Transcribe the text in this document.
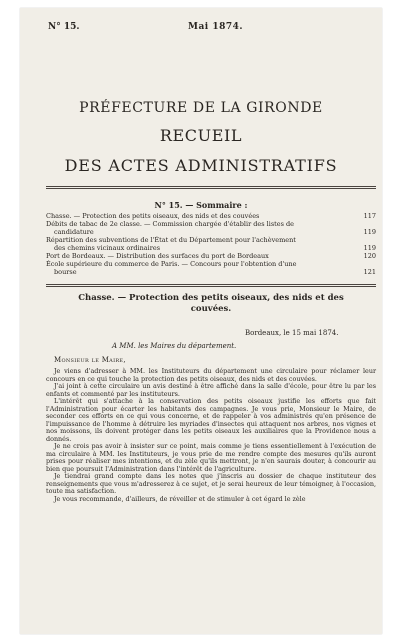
N° 15.	Mai 1874.
PRÉFECTURE DE LA GIRONDE
RECUEIL
DES ACTES ADMINISTRATIFS
N° 15. — Sommaire :
Chasse. — Protection des petits oiseaux, des nids et des couvées	117
Débits de tabac de 2e classe. — Commission chargée d'établir des listes de
candidature	119
Répartition des subventions de l'État et du Département pour l'achèvement
des chemins vicinaux ordinaires	119
Port de Bordeaux. — Distribution des surfaces du port de Bordeaux	120
École supérieure du commerce de Paris. — Concours pour l'obtention d'une
bourse	121
Chasse. — Protection des petits oiseaux, des nids et des
couvées.
Bordeaux, le 15 mai 1874.
A MM. les Maires du département.
Monsieur le Maire,

Je viens d'adresser à MM. les Instituteurs du département une circulaire pour réclamer leur concours en ce qui touche la protection des petits oiseaux, des nids et des couvées.

J'ai joint à cette circulaire un avis destiné à être affiché dans la salle d'école, pour être lu par les enfants et commenté par les instituteurs.

L'intérêt qui s'attache à la conservation des petits oiseaux justifie les efforts que fait l'Administration pour écarter les habitants des campagnes. Je vous prie, Monsieur le Maire, de seconder ces efforts en ce qui vous concerne, et de rappeler à vos administrés qu'en présence de l'impuissance de l'homme à détruire les myriades d'insectes qui attaquent nos arbres, nos vignes et nos moissons, ils doivent protéger dans les petits oiseaux les auxiliaires que la Providence nous a donnés.

Je ne crois pas avoir à insister sur ce point, mais comme je tiens essentiellement à l'exécution de ma circulaire à MM. les Instituteurs, je vous prie de me rendre compte des mesures qu'ils auront prises pour réaliser mes intentions, et du zèle qu'ils mettront, je n'en saurais douter, à concourir au bien que poursuit l'Administration dans l'intérêt de l'agriculture.

Je tiendrai grand compte dans les notes que j'inscris au dossier de chaque instituteur des renseignements que vous m'adresserez à ce sujet, et je serai heureux de leur témoigner, à l'occasion, toute ma satisfaction.

Je vous recommande, d'ailleurs, de réveiller et de stimuler à cet égard le zèle
